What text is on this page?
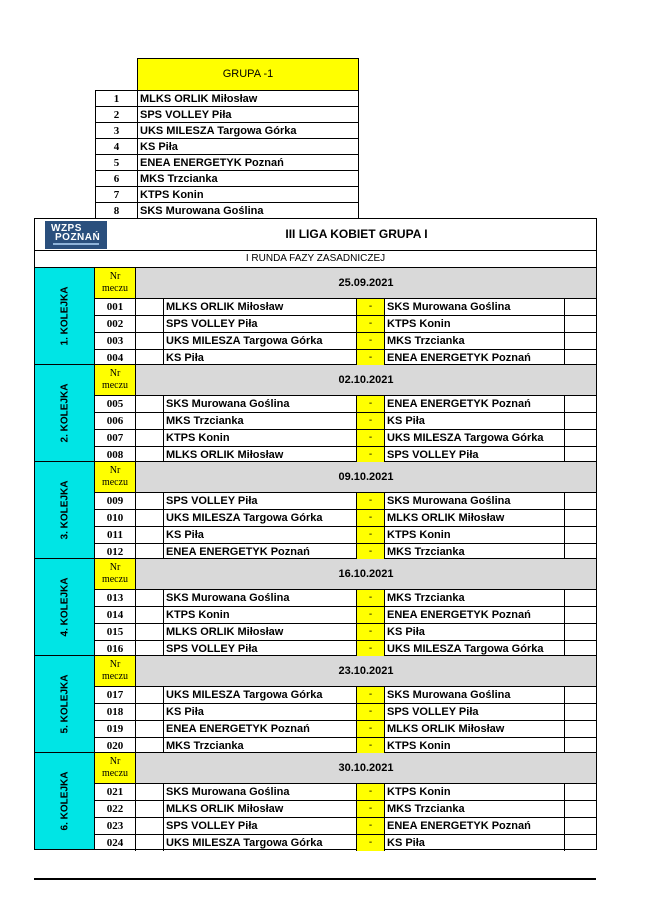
	GRUPA -1
1	MLKS ORLIK Miłosław
2	SPS VOLLEY Piła
3	UKS MILESZA Targowa Górka
4	KS Piła
5	ENEA ENERGETYK Poznań
6	MKS Trzcianka
7	KTPS Konin
8	SKS Murowana Goślina
WZPS
POZNAŃ	III LIGA KOBIET GRUPA I
I RUNDA FAZY ZASADNICZEJ
1. KOLEJKA
Nr
meczu	25.09.2021
001	MLKS ORLIK Miłosław	-	SKS Murowana Goślina
002	SPS VOLLEY Piła	-	KTPS Konin
003	UKS MILESZA Targowa Górka	-	MKS Trzcianka
004	KS Piła	-	ENEA ENERGETYK Poznań
2. KOLEJKA
Nr
meczu	02.10.2021
005	SKS Murowana Goślina	-	ENEA ENERGETYK Poznań
006	MKS Trzcianka	-	KS Piła
007	KTPS Konin	-	UKS MILESZA Targowa Górka
008	MLKS ORLIK Miłosław	-	SPS VOLLEY Piła
3. KOLEJKA
Nr
meczu	09.10.2021
009	SPS VOLLEY Piła	-	SKS Murowana Goślina
010	UKS MILESZA Targowa Górka	-	MLKS ORLIK Miłosław
011	KS Piła	-	KTPS Konin
012	ENEA ENERGETYK Poznań	-	MKS Trzcianka
4. KOLEJKA
Nr
meczu	16.10.2021
013	SKS Murowana Goślina	-	MKS Trzcianka
014	KTPS Konin	-	ENEA ENERGETYK Poznań
015	MLKS ORLIK Miłosław	-	KS Piła
016	SPS VOLLEY Piła	-	UKS MILESZA Targowa Górka
5. KOLEJKA
Nr
meczu	23.10.2021
017	UKS MILESZA Targowa Górka	-	SKS Murowana Goślina
018	KS Piła	-	SPS VOLLEY Piła
019	ENEA ENERGETYK Poznań	-	MLKS ORLIK Miłosław
020	MKS Trzcianka	-	KTPS Konin
6. KOLEJKA
Nr
meczu	30.10.2021
021	SKS Murowana Goślina	-	KTPS Konin
022	MLKS ORLIK Miłosław	-	MKS Trzcianka
023	SPS VOLLEY Piła	-	ENEA ENERGETYK Poznań
024	UKS MILESZA Targowa Górka	-	KS Piła
